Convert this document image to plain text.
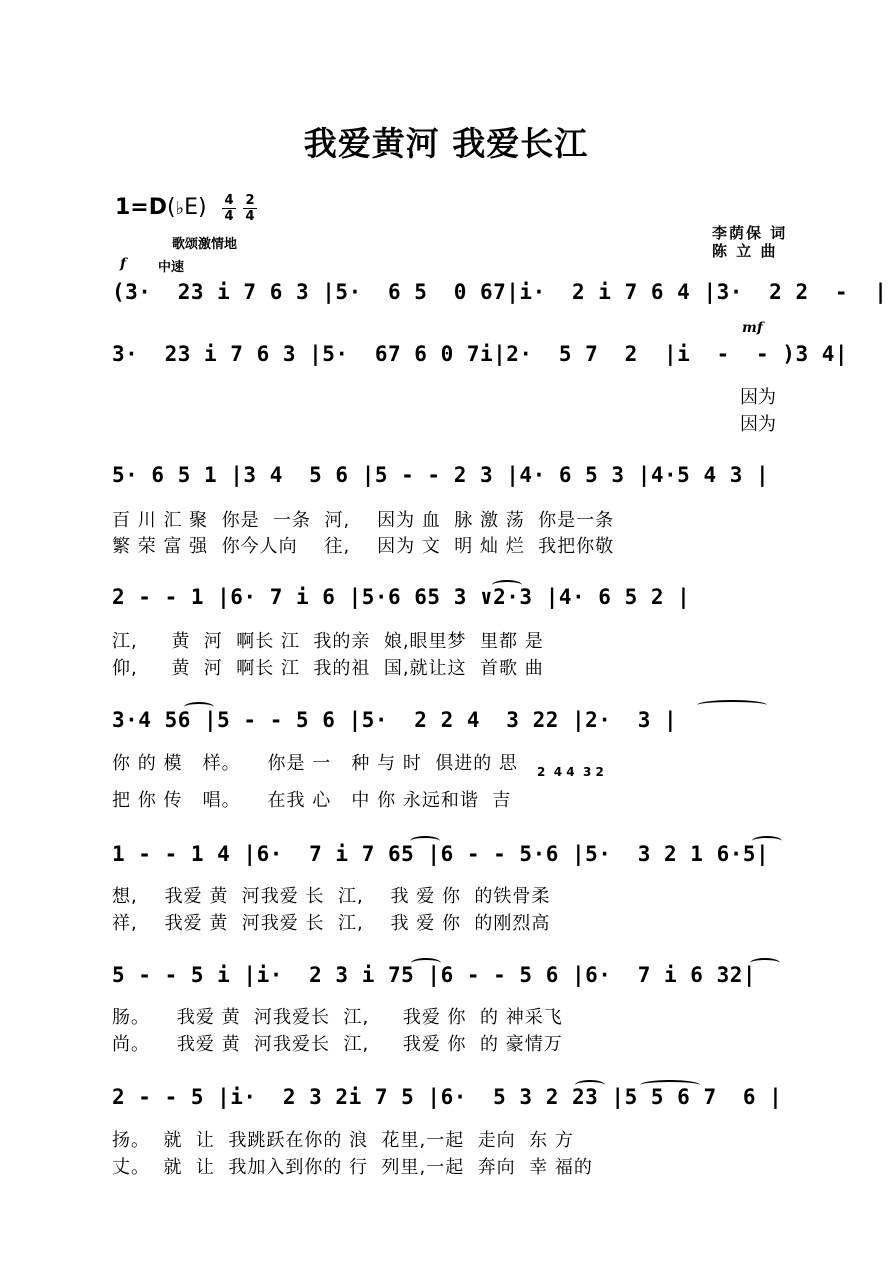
我爱黄河 我爱长江
1=D(♭E) 4
4
2
4
歌颂激情地
李荫保 词
陈 立 曲
f 中速
(3·  23 i 7 6 3 |5·  6 5  0 67|i·  2 i 7 6 4 |3·  2 2  -  |
3·  23 i 7 6 3 |5·  67 6 0 7i|2·  5 7  2  |i  -  - )3 4|
mf
因为
因为
5· 6 5 1 |3 4  5 6 |5 - - 2 3 |4· 6 5 3 |4·5 4 3 |
百 川 汇 聚  你是  一条  河,    因为 血  脉 激 荡  你是一条
繁 荣 富 强  你今人向    往,    因为 文  明 灿 烂  我把你敬
2 - - 1 |6· 7 i 6 |5·6 65 3 ∨2·3 |4· 6 5 2 |
江,     黄  河  啊长 江  我的亲  娘,眼里梦  里都 是
仰,     黄  河  啊长 江  我的祖  国,就让这  首歌 曲
3·4 56 |5 - - 5 6 |5·  2 2 4  3 22 |2·  3 |
你 的 模   样。    你是 一   种 与 时  俱进的 思 2  4 4  3 2
把 你 传   唱。    在我 心   中 你 永远和谐  吉
1 - - 1 4 |6·  7 i 7 65 |6 - - 5·6 |5·  3 2 1 6·5|
想,    我爱 黄  河我爱 长  江,    我 爱 你  的铁骨柔
祥,    我爱 黄  河我爱 长  江,    我 爱 你  的刚烈高
5 - - 5 i |i·  2 3 i 75 |6 - - 5 6 |6·  7 i 6 32|
肠。    我爱 黄  河我爱长  江,     我爱 你  的 神采飞
尚。    我爱 黄  河我爱长  江,     我爱 你  的 豪情万
2 - - 5 |i·  2 3 2i 7 5 |6·  5 3 2 23 |5 5 6 7  6 |
扬。  就  让  我跳跃在你的 浪  花里,一起  走向  东 方
丈。  就  让  我加入到你的 行  列里,一起  奔向  幸 福的
